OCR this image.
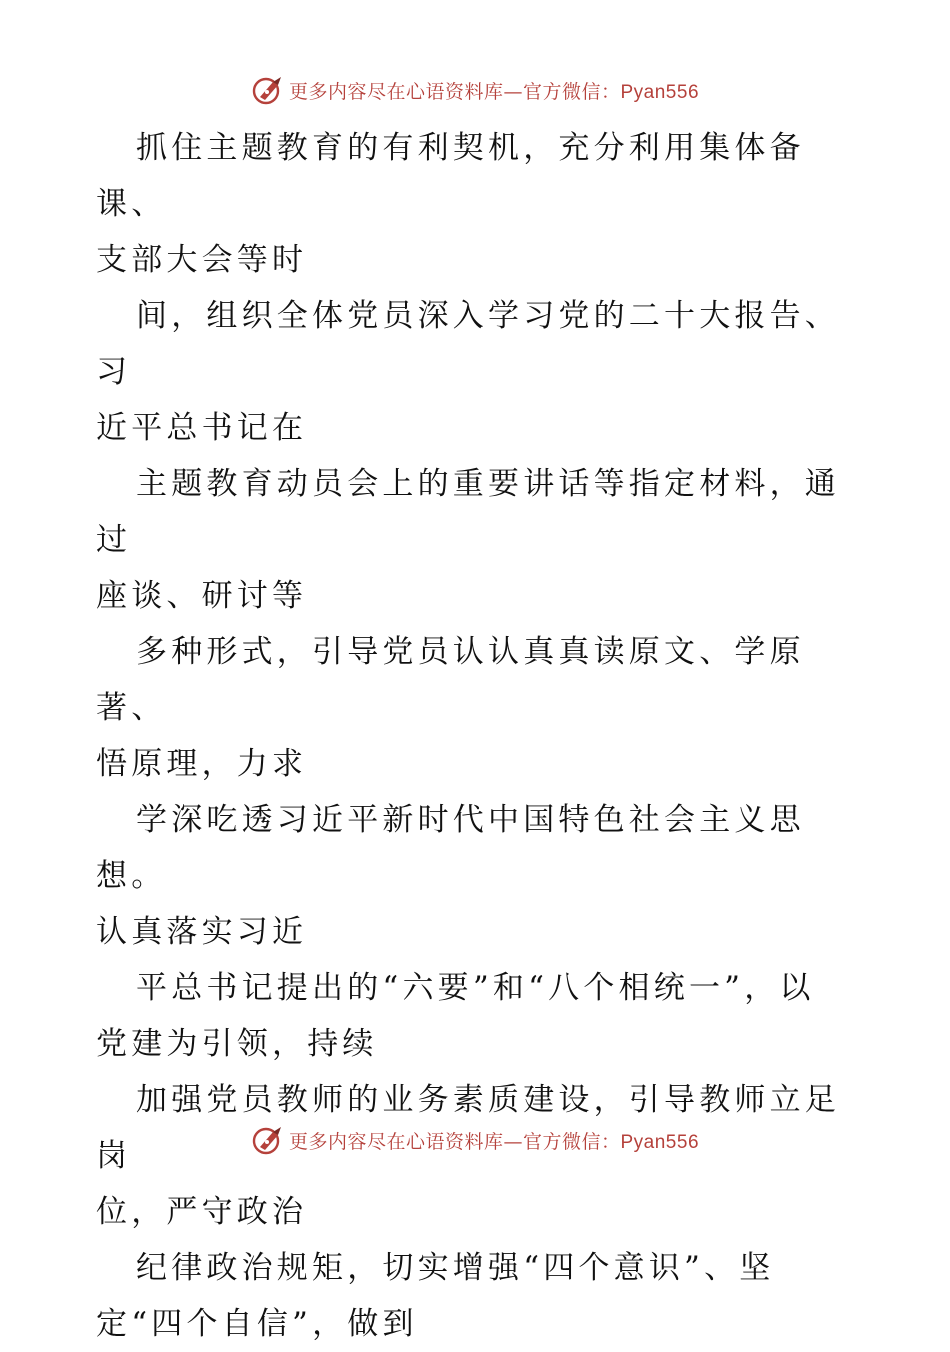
更多内容尽在心语资料库—官方微信：Pyan556

抓住主题教育的有利契机，充分利用集体备课、
支部大会等时

间，组织全体党员深入学习党的二十大报告、习
近平总书记在

主题教育动员会上的重要讲话等指定材料，通过
座谈、研讨等

多种形式，引导党员认认真真读原文、学原著、
悟原理，力求

学深吃透习近平新时代中国特色社会主义思想。
认真落实习近

平总书记提出的“六要”和“八个相统一”，以
党建为引领，持续

加强党员教师的业务素质建设，引导教师立足岗
位，严守政治

纪律政治规矩，切实增强“四个意识”、坚
定“四个自信”，做到

更多内容尽在心语资料库—官方微信：Pyan556
